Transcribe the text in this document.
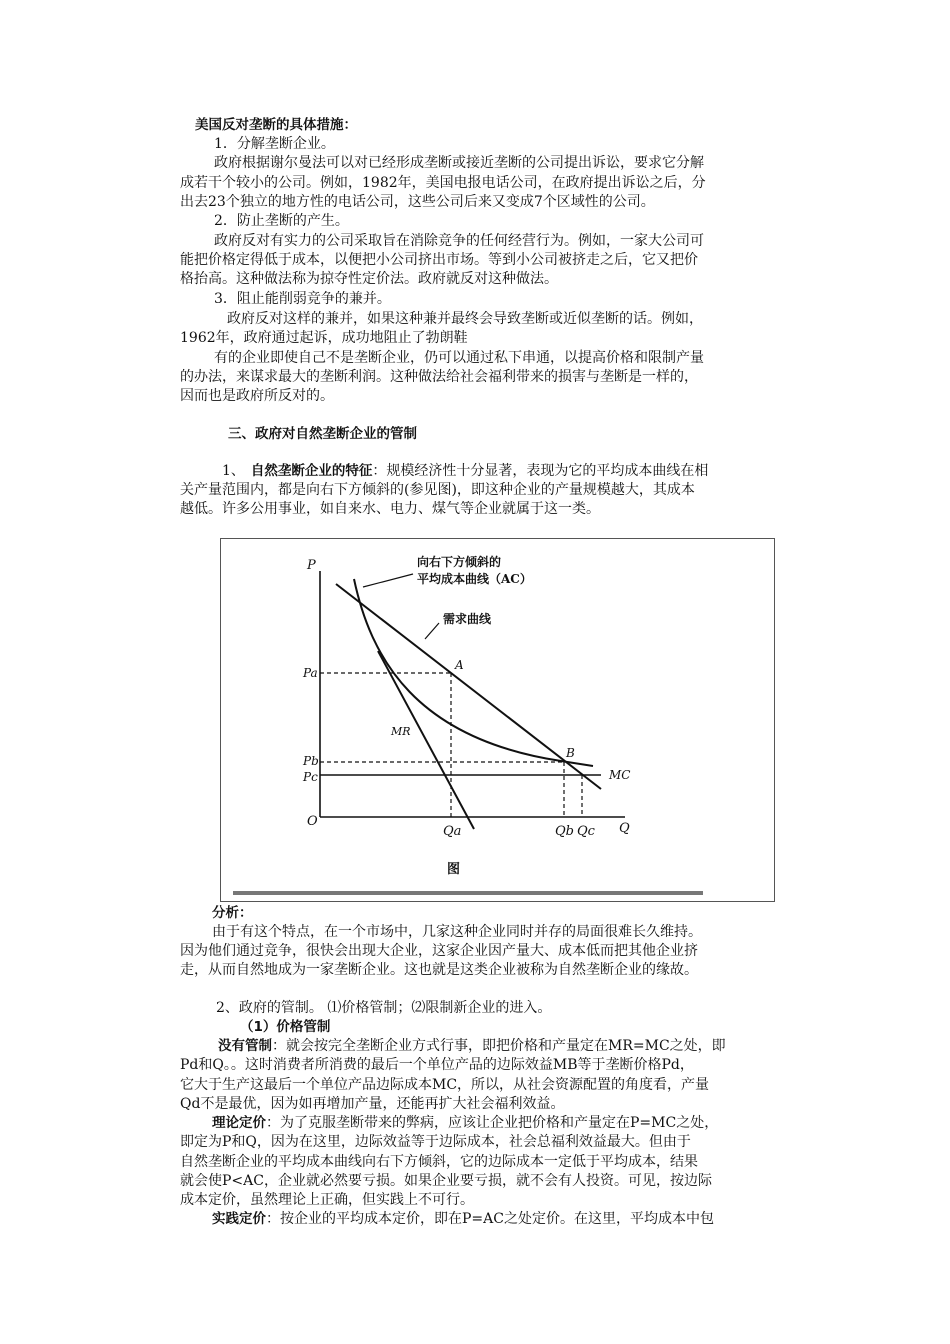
美国反对垄断的具体措施：
1．分解垄断企业。
政府根据谢尔曼法可以对已经形成垄断或接近垄断的公司提出诉讼，要求它分解
成若干个较小的公司。例如，1982年，美国电报电话公司，在政府提出诉讼之后，分
出去23个独立的地方性的电话公司，这些公司后来又变成7个区域性的公司。
2．防止垄断的产生。
政府反对有实力的公司采取旨在消除竞争的任何经营行为。例如，一家大公司可
能把价格定得低于成本，以便把小公司挤出市场。等到小公司被挤走之后，它又把价
格抬高。这种做法称为掠夺性定价法。政府就反对这种做法。
3．阻止能削弱竞争的兼并。
政府反对这样的兼并，如果这种兼并最终会导致垄断或近似垄断的话。例如，
1962年，政府通过起诉，成功地阻止了勃朗鞋
有的企业即使自己不是垄断企业，仍可以通过私下串通，以提高价格和限制产量
的办法，来谋求最大的垄断利润。这种做法给社会福利带来的损害与垄断是一样的，
因而也是政府所反对的。
三、政府对自然垄断企业的管制
1、 自然垄断企业的特征：规模经济性十分显著，表现为它的平均成本曲线在相
关产量范围内，都是向右下方倾斜的(参见图)，即这种企业的产量规模越大，其成本
越低。许多公用事业，如自来水、电力、煤气等企业就属于这一类。
P
Q
O
向右下方倾斜的
平均成本曲线（AC）
需求曲线
A
B
MR
MC
Pa
Pb
Pc
Qa	Qb Qc
图
分析：
由于有这个特点，在一个市场中，几家这种企业同时并存的局面很难长久维持。
因为他们通过竞争，很快会出现大企业，这家企业因产量大、成本低而把其他企业挤
走，从而自然地成为一家垄断企业。这也就是这类企业被称为自然垄断企业的缘故。
2、政府的管制。 ⑴价格管制；⑵限制新企业的进入。
（1）价格管制
没有管制：就会按完全垄断企业方式行事，即把价格和产量定在MR=MC之处，即
Pd和Q。。这时消费者所消费的最后一个单位产品的边际效益MB等于垄断价格Pd，
它大于生产这最后一个单位产品边际成本MC，所以，从社会资源配置的角度看，产量
Qd不是最优，因为如再增加产量，还能再扩大社会福利效益。
理论定价：为了克服垄断带来的弊病，应该让企业把价格和产量定在P=MC之处，
即定为P和Q，因为在这里，边际效益等于边际成本，社会总福利效益最大。但由于
自然垄断企业的平均成本曲线向右下方倾斜，它的边际成本一定低于平均成本，结果
就会使P<AC，企业就必然要亏损。如果企业要亏损，就不会有人投资。可见，按边际
成本定价，虽然理论上正确，但实践上不可行。
实践定价：按企业的平均成本定价，即在P=AC之处定价。在这里，平均成本中包
